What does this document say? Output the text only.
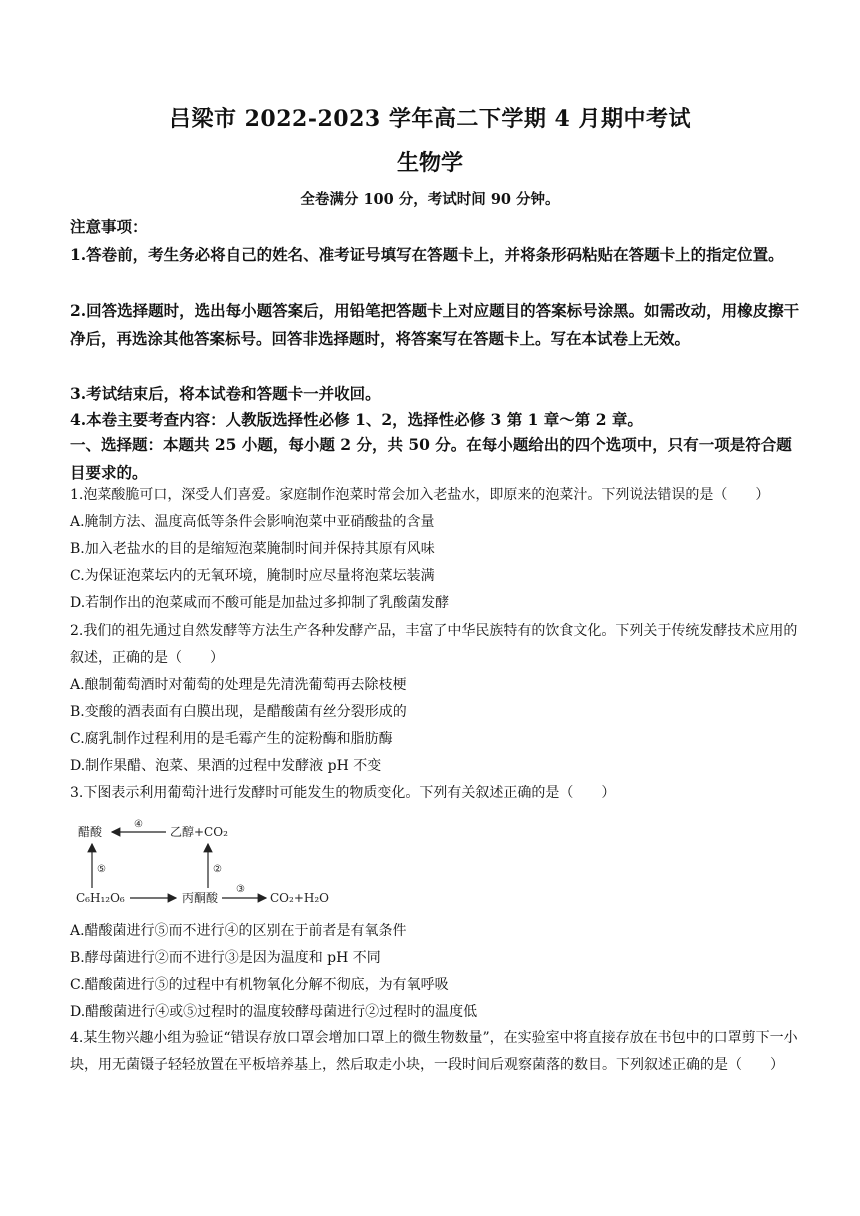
吕梁市 2022-2023 学年高二下学期 4 月期中考试
生物学
全卷满分 100 分，考试时间 90 分钟。
注意事项：
1.答卷前，考生务必将自己的姓名、准考证号填写在答题卡上，并将条形码粘贴在答题卡上的指定位置。
2.回答选择题时，选出每小题答案后，用铅笔把答题卡上对应题目的答案标号涂黑。如需改动，用橡皮擦干净后，再选涂其他答案标号。回答非选择题时，将答案写在答题卡上。写在本试卷上无效。
3.考试结束后，将本试卷和答题卡一并收回。
4.本卷主要考查内容：人教版选择性必修 1、2，选择性必修 3 第 1 章～第 2 章。
一、选择题：本题共 25 小题，每小题 2 分，共 50 分。在每小题给出的四个选项中，只有一项是符合题目要求的。
1.泡菜酸脆可口，深受人们喜爱。家庭制作泡菜时常会加入老盐水，即原来的泡菜汁。下列说法错误的是（　　）
A.腌制方法、温度高低等条件会影响泡菜中亚硝酸盐的含量
B.加入老盐水的目的是缩短泡菜腌制时间并保持其原有风味
C.为保证泡菜坛内的无氧环境，腌制时应尽量将泡菜坛装满
D.若制作出的泡菜咸而不酸可能是加盐过多抑制了乳酸菌发酵
2.我们的祖先通过自然发酵等方法生产各种发酵产品，丰富了中华民族特有的饮食文化。下列关于传统发酵技术应用的叙述，正确的是（　　）
A.酿制葡萄酒时对葡萄的处理是先清洗葡萄再去除枝梗
B.变酸的酒表面有白膜出现，是醋酸菌有丝分裂形成的
C.腐乳制作过程利用的是毛霉产生的淀粉酶和脂肪酶
D.制作果醋、泡菜、果酒的过程中发酵液 pH 不变
3.下图表示利用葡萄汁进行发酵时可能发生的物质变化。下列有关叙述正确的是（　　）
醋酸	乙醇+CO₂
④
C₆H₁₂O₆	丙酮酸	CO₂+H₂O
③
⑤	②
A.醋酸菌进行⑤而不进行④的区别在于前者是有氧条件
B.酵母菌进行②而不进行③是因为温度和 pH 不同
C.醋酸菌进行⑤的过程中有机物氧化分解不彻底，为有氧呼吸
D.醋酸菌进行④或⑤过程时的温度较酵母菌进行②过程时的温度低
4.某生物兴趣小组为验证“错误存放口罩会增加口罩上的微生物数量”，在实验室中将直接存放在书包中的口罩剪下一小块，用无菌镊子轻轻放置在平板培养基上，然后取走小块，一段时间后观察菌落的数目。下列叙述正确的是（　　）
